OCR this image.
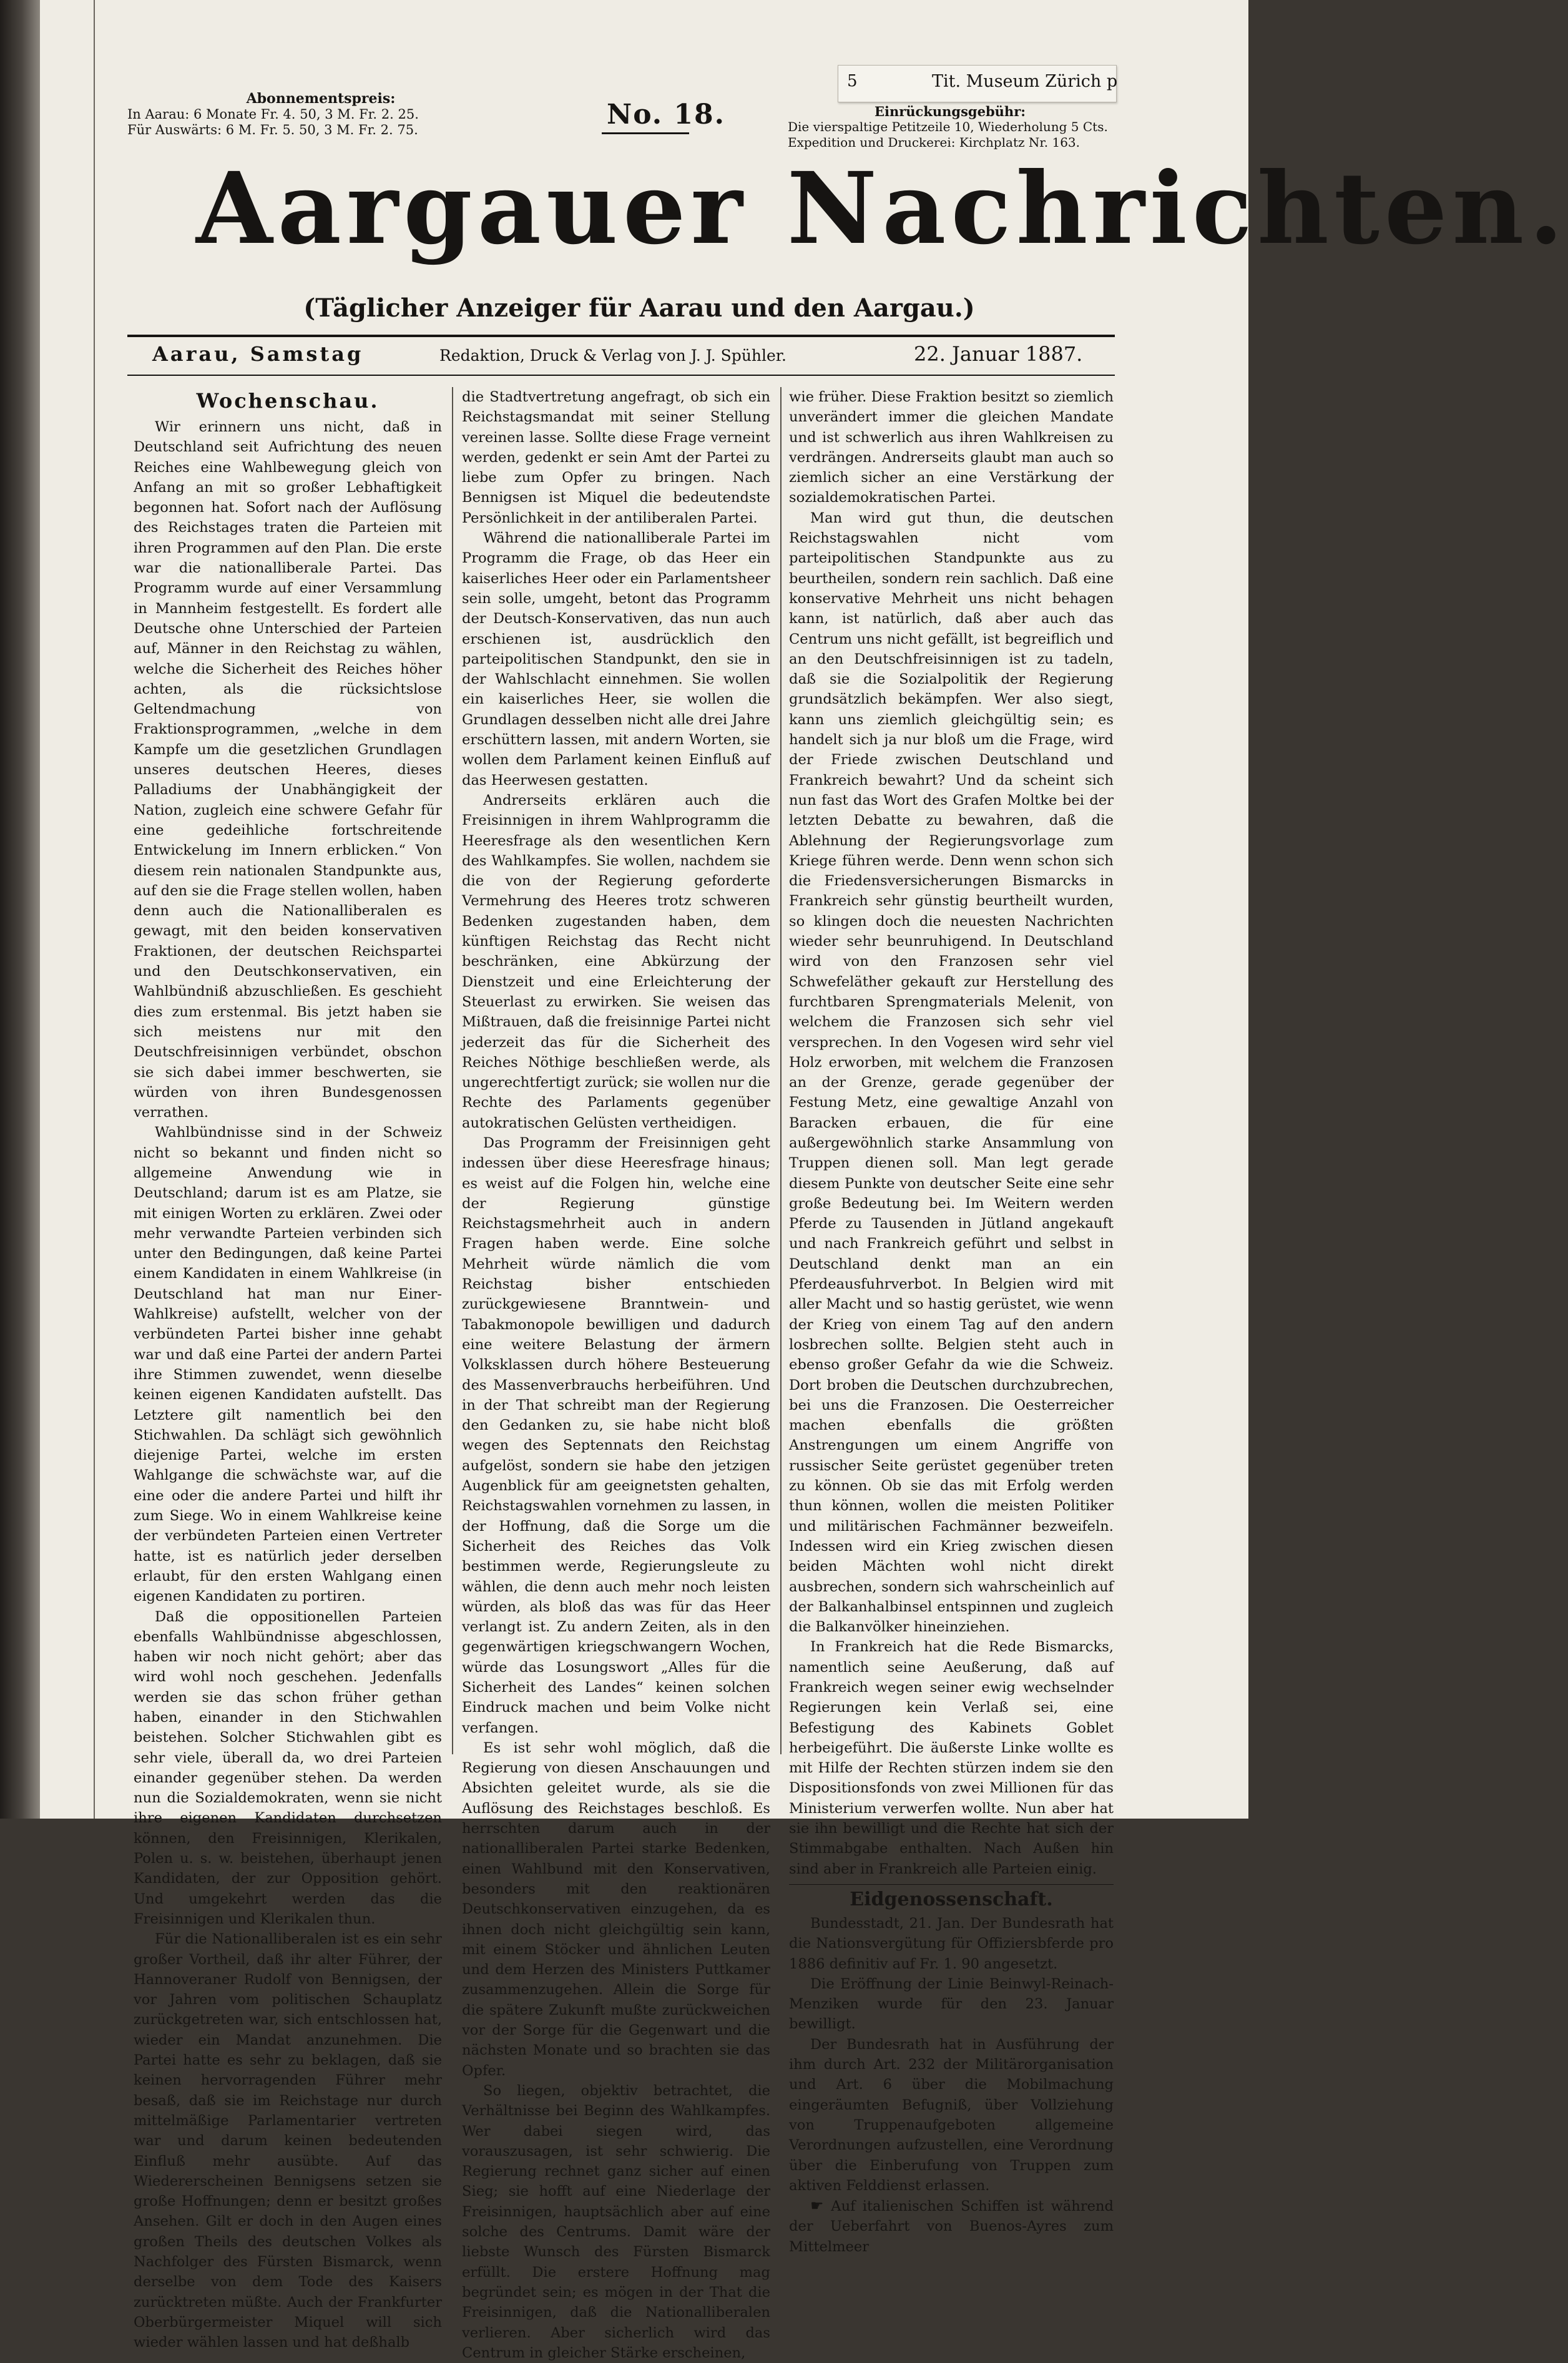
Abonnementspreis:
In Aarau: 6 Monate Fr. 4. 50, 3 M. Fr. 2. 25.
Für Auswärts: 6 M. Fr. 5. 50, 3 M. Fr. 2. 75.	No. 18.
5	Tit. Museum Zürich p
Einrückungsgebühr:
Die vierspaltige Petitzeile 10, Wiederholung 5 Cts.
Expedition und Druckerei: Kirchplatz Nr. 163.
Aargauer Nachrichten.
(Täglicher Anzeiger für Aarau und den Aargau.)
Aarau, Samstag	Redaktion, Druck & Verlag von J. J. Spühler.	22. Januar 1887.
Wochenschau.

Wir erinnern uns nicht, daß in Deutschland seit Aufrichtung des neuen Reiches eine Wahlbewegung gleich von Anfang an mit so großer Lebhaftigkeit begonnen hat. Sofort nach der Auflösung des Reichstages traten die Parteien mit ihren Programmen auf den Plan. Die erste war die nationalliberale Partei. Das Programm wurde auf einer Versammlung in Mannheim festgestellt. Es fordert alle Deutsche ohne Unterschied der Parteien auf, Männer in den Reichstag zu wählen, welche die Sicherheit des Reiches höher achten, als die rücksichtslose Geltendmachung von Fraktionsprogrammen, „welche in dem Kampfe um die gesetzlichen Grundlagen unseres deutschen Heeres, dieses Palladiums der Unabhängigkeit der Nation, zugleich eine schwere Gefahr für eine gedeihliche fortschreitende Entwickelung im Innern erblicken.“ Von diesem rein nationalen Standpunkte aus, auf den sie die Frage stellen wollen, haben denn auch die Nationalliberalen es gewagt, mit den beiden konservativen Fraktionen, der deutschen Reichspartei und den Deutschkonservativen, ein Wahlbündniß abzuschließen. Es geschieht dies zum erstenmal. Bis jetzt haben sie sich meistens nur mit den Deutschfreisinnigen verbündet, obschon sie sich dabei immer beschwerten, sie würden von ihren Bundesgenossen verrathen.

Wahlbündnisse sind in der Schweiz nicht so bekannt und finden nicht so allgemeine Anwendung wie in Deutschland; darum ist es am Platze, sie mit einigen Worten zu erklären. Zwei oder mehr verwandte Parteien verbinden sich unter den Bedingungen, daß keine Partei einem Kandidaten in einem Wahlkreise (in Deutschland hat man nur Einer-Wahlkreise) aufstellt, welcher von der verbündeten Partei bisher inne gehabt war und daß eine Partei der andern Partei ihre Stimmen zuwendet, wenn dieselbe keinen eigenen Kandidaten aufstellt. Das Letztere gilt namentlich bei den Stichwahlen. Da schlägt sich gewöhnlich diejenige Partei, welche im ersten Wahlgange die schwächste war, auf die eine oder die andere Partei und hilft ihr zum Siege. Wo in einem Wahlkreise keine der verbündeten Parteien einen Vertreter hatte, ist es natürlich jeder derselben erlaubt, für den ersten Wahlgang einen eigenen Kandidaten zu portiren.

Daß die oppositionellen Parteien ebenfalls Wahlbündnisse abgeschlossen, haben wir noch nicht gehört; aber das wird wohl noch geschehen. Jedenfalls werden sie das schon früher gethan haben, einander in den Stichwahlen beistehen. Solcher Stichwahlen gibt es sehr viele, überall da, wo drei Parteien einander gegenüber stehen. Da werden nun die Sozialdemokraten, wenn sie nicht ihre eigenen Kandidaten durchsetzen können, den Freisinnigen, Klerikalen, Polen u. s. w. beistehen, überhaupt jenen Kandidaten, der zur Opposition gehört. Und umgekehrt werden das die Freisinnigen und Klerikalen thun.

Für die Nationalliberalen ist es ein sehr großer Vortheil, daß ihr alter Führer, der Hannoveraner Rudolf von Bennigsen, der vor Jahren vom politischen Schauplatz zurückgetreten war, sich entschlossen hat, wieder ein Mandat anzunehmen. Die Partei hatte es sehr zu beklagen, daß sie keinen hervorragenden Führer mehr besaß, daß sie im Reichstage nur durch mittelmäßige Parlamentarier vertreten war und darum keinen bedeutenden Einfluß mehr ausübte. Auf das Wiedererscheinen Bennigsens setzen sie große Hoffnungen; denn er besitzt großes Ansehen. Gilt er doch in den Augen eines großen Theils des deutschen Volkes als Nachfolger des Fürsten Bismarck, wenn derselbe von dem Tode des Kaisers zurücktreten müßte. Auch der Frankfurter Oberbürgermeister Miquel will sich wieder wählen lassen und hat deßhalb

die Stadtvertretung angefragt, ob sich ein Reichstagsmandat mit seiner Stellung vereinen lasse. Sollte diese Frage verneint werden, gedenkt er sein Amt der Partei zu liebe zum Opfer zu bringen. Nach Bennigsen ist Miquel die bedeutendste Persönlichkeit in der antiliberalen Partei.

Während die nationalliberale Partei im Programm die Frage, ob das Heer ein kaiserliches Heer oder ein Parlamentsheer sein solle, umgeht, betont das Programm der Deutsch-Konservativen, das nun auch erschienen ist, ausdrücklich den parteipolitischen Standpunkt, den sie in der Wahlschlacht einnehmen. Sie wollen ein kaiserliches Heer, sie wollen die Grundlagen desselben nicht alle drei Jahre erschüttern lassen, mit andern Worten, sie wollen dem Parlament keinen Einfluß auf das Heerwesen gestatten.

Andrerseits erklären auch die Freisinnigen in ihrem Wahlprogramm die Heeresfrage als den wesentlichen Kern des Wahlkampfes. Sie wollen, nachdem sie die von der Regierung geforderte Vermehrung des Heeres trotz schweren Bedenken zugestanden haben, dem künftigen Reichstag das Recht nicht beschränken, eine Abkürzung der Dienstzeit und eine Erleichterung der Steuerlast zu erwirken. Sie weisen das Mißtrauen, daß die freisinnige Partei nicht jederzeit das für die Sicherheit des Reiches Nöthige beschließen werde, als ungerechtfertigt zurück; sie wollen nur die Rechte des Parlaments gegenüber autokratischen Gelüsten vertheidigen.

Das Programm der Freisinnigen geht indessen über diese Heeresfrage hinaus; es weist auf die Folgen hin, welche eine der Regierung günstige Reichstagsmehrheit auch in andern Fragen haben werde. Eine solche Mehrheit würde nämlich die vom Reichstag bisher entschieden zurückgewiesene Branntwein- und Tabakmonopole bewilligen und dadurch eine weitere Belastung der ärmern Volksklassen durch höhere Besteuerung des Massenverbrauchs herbeiführen. Und in der That schreibt man der Regierung den Gedanken zu, sie habe nicht bloß wegen des Septennats den Reichstag aufgelöst, sondern sie habe den jetzigen Augenblick für am geeignetsten gehalten, Reichstagswahlen vornehmen zu lassen, in der Hoffnung, daß die Sorge um die Sicherheit des Reiches das Volk bestimmen werde, Regierungsleute zu wählen, die denn auch mehr noch leisten würden, als bloß das was für das Heer verlangt ist. Zu andern Zeiten, als in den gegenwärtigen kriegschwangern Wochen, würde das Losungswort „Alles für die Sicherheit des Landes“ keinen solchen Eindruck machen und beim Volke nicht verfangen.

Es ist sehr wohl möglich, daß die Regierung von diesen Anschauungen und Absichten geleitet wurde, als sie die Auflösung des Reichstages beschloß. Es herrschten darum auch in der nationalliberalen Partei starke Bedenken, einen Wahlbund mit den Konservativen, besonders mit den reaktionären Deutschkonservativen einzugehen, da es ihnen doch nicht gleichgültig sein kann, mit einem Stöcker und ähnlichen Leuten und dem Herzen des Ministers Puttkamer zusammenzugehen. Allein die Sorge für die spätere Zukunft mußte zurückweichen vor der Sorge für die Gegenwart und die nächsten Monate und so brachten sie das Opfer.

So liegen, objektiv betrachtet, die Verhältnisse bei Beginn des Wahlkampfes. Wer dabei siegen wird, das vorauszusagen, ist sehr schwierig. Die Regierung rechnet ganz sicher auf einen Sieg; sie hofft auf eine Niederlage der Freisinnigen, hauptsächlich aber auf eine solche des Centrums. Damit wäre der liebste Wunsch des Fürsten Bismarck erfüllt. Die erstere Hoffnung mag begründet sein; es mögen in der That die Freisinnigen, daß die Nationalliberalen verlieren. Aber sicherlich wird das Centrum in gleicher Stärke erscheinen,

wie früher. Diese Fraktion besitzt so ziemlich unverändert immer die gleichen Mandate und ist schwerlich aus ihren Wahlkreisen zu verdrängen. Andrerseits glaubt man auch so ziemlich sicher an eine Verstärkung der sozialdemokratischen Partei.

Man wird gut thun, die deutschen Reichstagswahlen nicht vom parteipolitischen Standpunkte aus zu beurtheilen, sondern rein sachlich. Daß eine konservative Mehrheit uns nicht behagen kann, ist natürlich, daß aber auch das Centrum uns nicht gefällt, ist begreiflich und an den Deutschfreisinnigen ist zu tadeln, daß sie die Sozialpolitik der Regierung grundsätzlich bekämpfen. Wer also siegt, kann uns ziemlich gleichgültig sein; es handelt sich ja nur bloß um die Frage, wird der Friede zwischen Deutschland und Frankreich bewahrt? Und da scheint sich nun fast das Wort des Grafen Moltke bei der letzten Debatte zu bewahren, daß die Ablehnung der Regierungsvorlage zum Kriege führen werde. Denn wenn schon sich die Friedensversicherungen Bismarcks in Frankreich sehr günstig beurtheilt wurden, so klingen doch die neuesten Nachrichten wieder sehr beunruhigend. In Deutschland wird von den Franzosen sehr viel Schwefeläther gekauft zur Herstellung des furchtbaren Sprengmaterials Melenit, von welchem die Franzosen sich sehr viel versprechen. In den Vogesen wird sehr viel Holz erworben, mit welchem die Franzosen an der Grenze, gerade gegenüber der Festung Metz, eine gewaltige Anzahl von Baracken erbauen, die für eine außergewöhnlich starke Ansammlung von Truppen dienen soll. Man legt gerade diesem Punkte von deutscher Seite eine sehr große Bedeutung bei. Im Weitern werden Pferde zu Tausenden in Jütland angekauft und nach Frankreich geführt und selbst in Deutschland denkt man an ein Pferdeausfuhrverbot. In Belgien wird mit aller Macht und so hastig gerüstet, wie wenn der Krieg von einem Tag auf den andern losbrechen sollte. Belgien steht auch in ebenso großer Gefahr da wie die Schweiz. Dort broben die Deutschen durchzubrechen, bei uns die Franzosen. Die Oesterreicher machen ebenfalls die größten Anstrengungen um einem Angriffe von russischer Seite gerüstet gegenüber treten zu können. Ob sie das mit Erfolg werden thun können, wollen die meisten Politiker und militärischen Fachmänner bezweifeln. Indessen wird ein Krieg zwischen diesen beiden Mächten wohl nicht direkt ausbrechen, sondern sich wahrscheinlich auf der Balkanhalbinsel entspinnen und zugleich die Balkanvölker hineinziehen.

In Frankreich hat die Rede Bismarcks, namentlich seine Aeußerung, daß auf Frankreich wegen seiner ewig wechselnder Regierungen kein Verlaß sei, eine Befestigung des Kabinets Goblet herbeigeführt. Die äußerste Linke wollte es mit Hilfe der Rechten stürzen indem sie den Dispositionsfonds von zwei Millionen für das Ministerium verwerfen wollte. Nun aber hat sie ihn bewilligt und die Rechte hat sich der Stimmabgabe enthalten. Nach Außen hin sind aber in Frankreich alle Parteien einig.

Eidgenossenschaft.

Bundesstadt, 21. Jan. Der Bundesrath hat die Nationsvergütung für Offiziersbferde pro 1886 definitiv auf Fr. 1. 90 angesetzt.

Die Eröffnung der Linie Beinwyl-Reinach-Menziken wurde für den 23. Januar bewilligt.

Der Bundesrath hat in Ausführung der ihm durch Art. 232 der Militärorganisation und Art. 6 über die Mobilmachung eingeräumten Befugniß, über Vollziehung von Truppenaufgeboten allgemeine Verordnungen aufzustellen, eine Verordnung über die Einberufung von Truppen zum aktiven Felddienst erlassen.

☛ Auf italienischen Schiffen ist während der Ueberfahrt von Buenos-Ayres zum Mittelmeer
